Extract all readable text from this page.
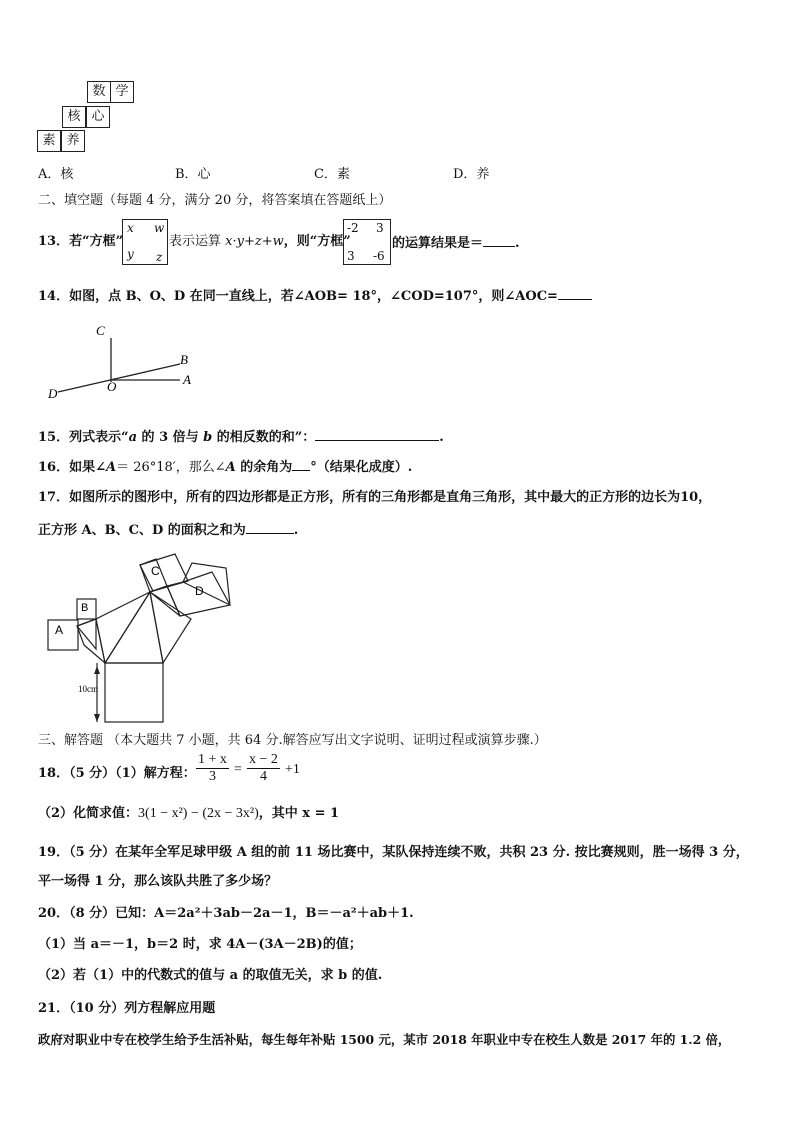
数 学
核 心
素 养
A．核	B．心	C．素	D．养
二、填空题（每题 4 分，满分 20 分，将答案填在答题纸上）
13．若“方框”
x w
y z
表示运算 x·y+z+w，则“方框”
-2 3
3 -6
的运算结果是＝ .
14．如图，点 B、O、D 在同一直线上，若∠AOB= 18°，∠COD=107°，则∠AOC=
C
B
A
D	O
15．列式表示“a 的 3 倍与 b 的相反数的和”：	.
16．如果∠A＝ 26°18′，那么∠A 的余角为 °（结果化成度）.
17．如图所示的图形中，所有的四边形都是正方形，所有的三角形都是直角三角形，其中最大的正方形的边长为10，
正方形 A、B、C、D 的面积之和为	.
A
B
C
D
10cm
三、解答题 （本大题共 7 小题，共 64 分.解答应写出文字说明、证明过程或演算步骤.）
18．（5 分）（1）解方程： $\frac{1 + x}{3} = \frac{x - 2}{4} +1$
（2）化简求值：3(1 − x²) − (2x − 3x²)，其中 x = 1
19．（5 分）在某年全军足球甲级 A 组的前 11 场比赛中，某队保持连续不败，共积 23 分. 按比赛规则，胜一场得 3 分，
平一场得 1 分，那么该队共胜了多少场？
20．（8 分）已知：A＝2a²＋3ab－2a－1，B＝－a²＋ab＋1.
（1）当 a＝－1，b＝2 时，求 4A－(3A－2B)的值；
（2）若（1）中的代数式的值与 a 的取值无关，求 b 的值.
21．（10 分）列方程解应用题
政府对职业中专在校学生给予生活补贴，每生每年补贴 1500 元，某市 2018 年职业中专在校生人数是 2017 年的 1.2 倍，
